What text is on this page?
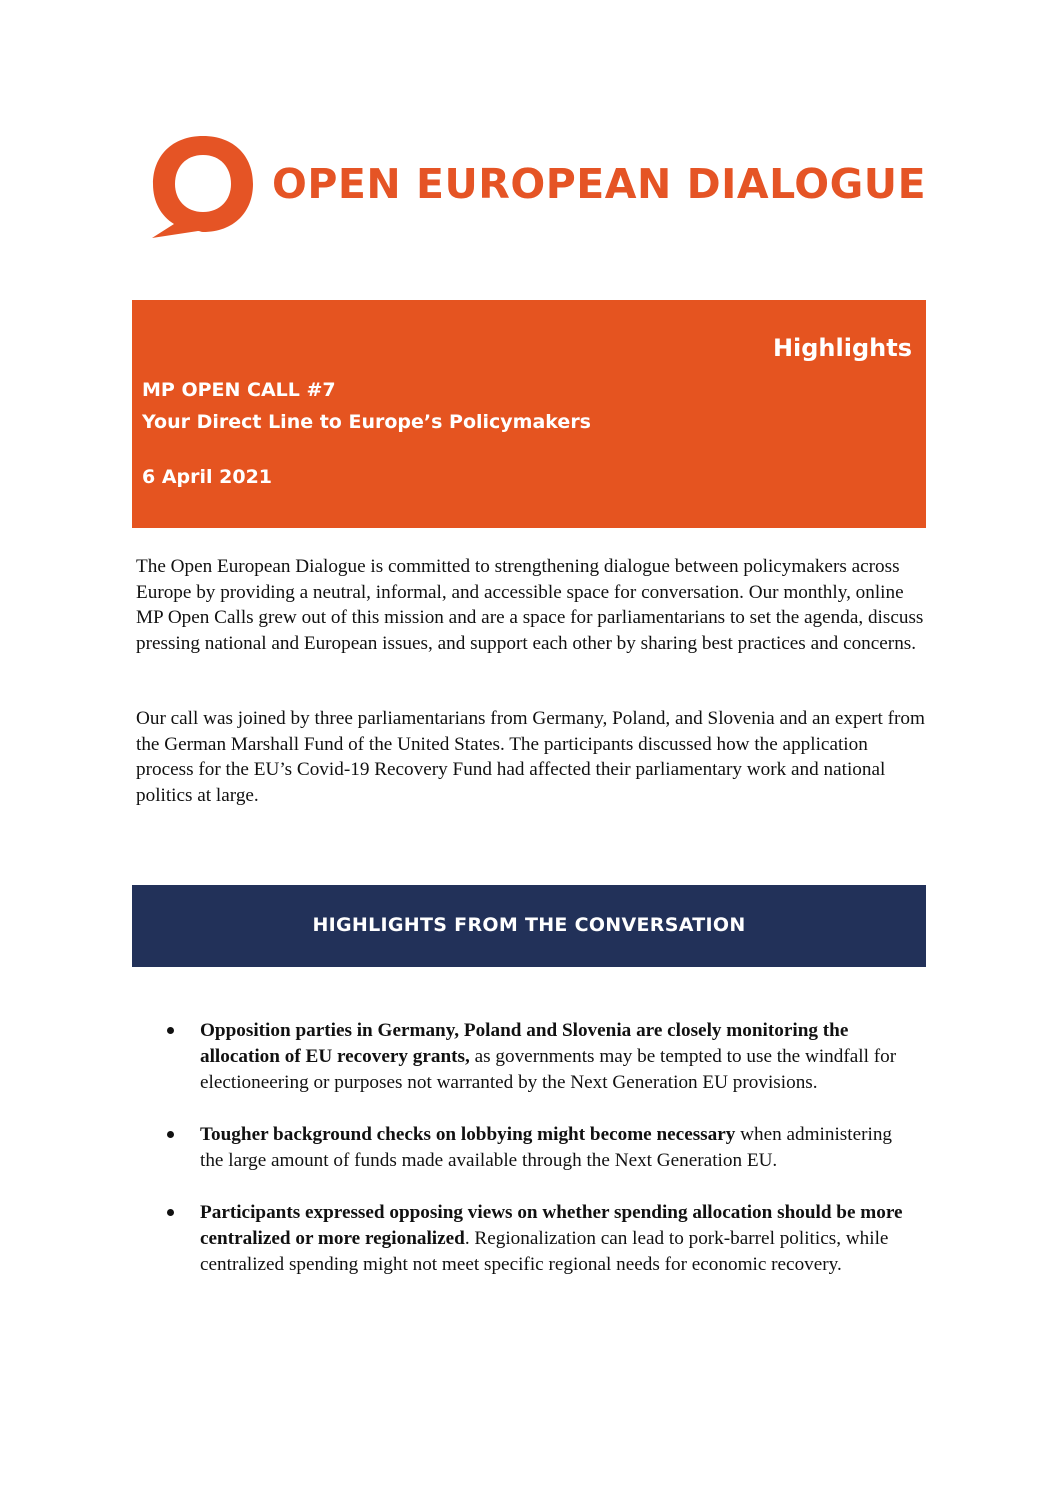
OPEN EUROPEAN DIALOGUE
Highlights
MP OPEN CALL #7
Your Direct Line to Europe’s Policymakers
6 April 2021

The Open European Dialogue is committed to strengthening dialogue between policymakers across Europe by providing a neutral, informal, and accessible space for conversation. Our monthly, online MP Open Calls grew out of this mission and are a space for parliamentarians to set the agenda, discuss pressing national and European issues, and support each other by sharing best practices and concerns.

Our call was joined by three parliamentarians from Germany, Poland, and Slovenia and an expert from the German Marshall Fund of the United States. The participants discussed how the application process for the EU’s Covid-19 Recovery Fund had affected their parliamentary work and national politics at large.

HIGHLIGHTS FROM THE CONVERSATION
Opposition parties in Germany, Poland and Slovenia are closely monitoring the allocation of EU recovery grants, as governments may be tempted to use the windfall for electioneering or purposes not warranted by the Next Generation EU provisions.
Tougher background checks on lobbying might become necessary when administering the large amount of funds made available through the Next Generation EU.
Participants expressed opposing views on whether spending allocation should be more centralized or more regionalized. Regionalization can lead to pork-barrel politics, while centralized spending might not meet specific regional needs for economic recovery.
